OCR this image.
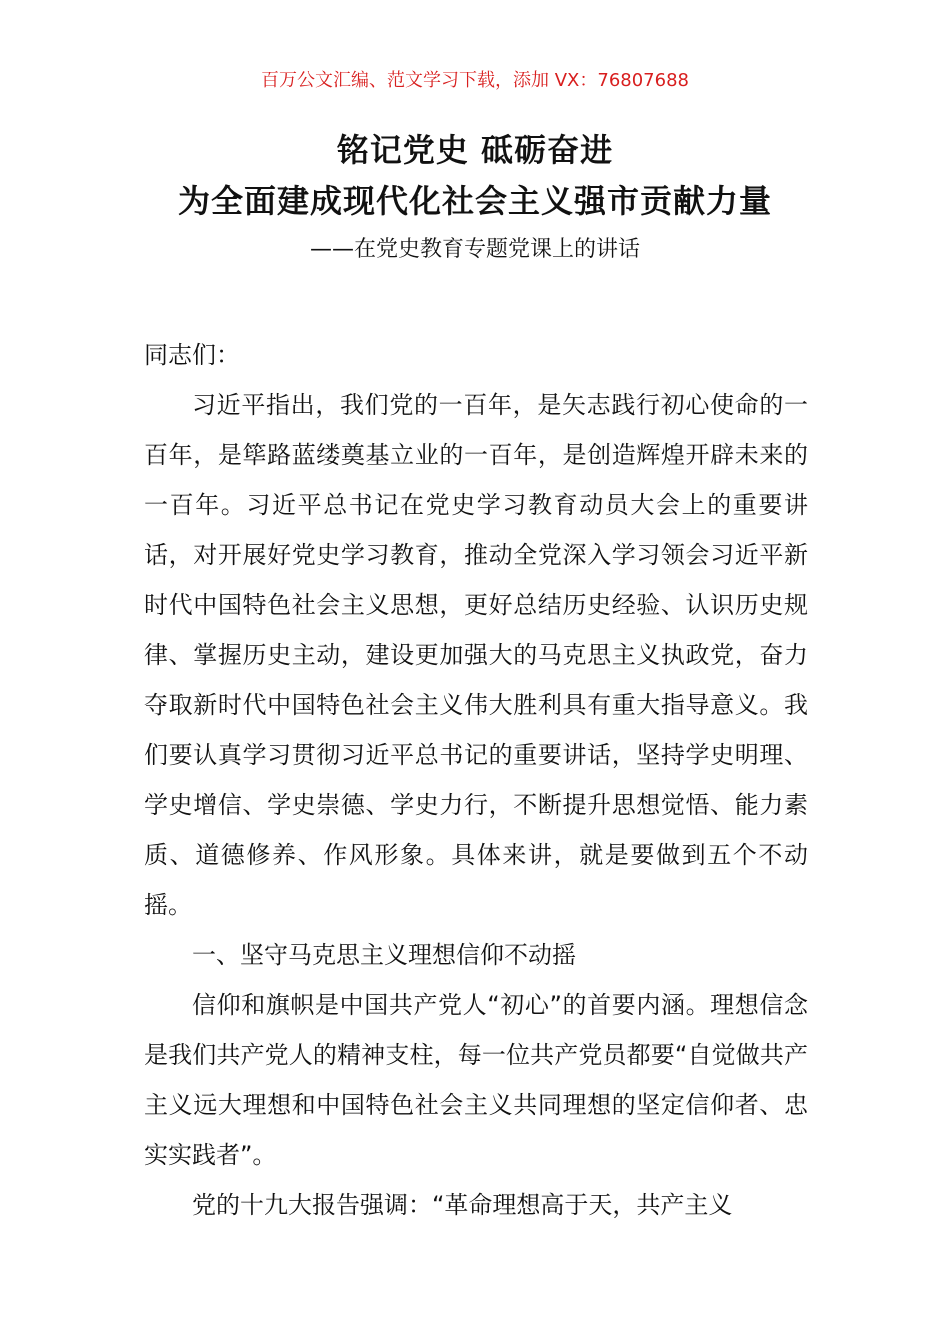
百万公文汇编、范文学习下载，添加 VX：76807688
铭记党史 砥砺奋进
为全面建成现代化社会主义强市贡献力量
——在党史教育专题党课上的讲话

同志们：

习近平指出，我们党的一百年，是矢志践行初心使命的一百年，是筚路蓝缕奠基立业的一百年，是创造辉煌开辟未来的一百年。习近平总书记在党史学习教育动员大会上的重要讲话，对开展好党史学习教育，推动全党深入学习领会习近平新时代中国特色社会主义思想，更好总结历史经验、认识历史规律、掌握历史主动，建设更加强大的马克思主义执政党，奋力夺取新时代中国特色社会主义伟大胜利具有重大指导意义。我们要认真学习贯彻习近平总书记的重要讲话，坚持学史明理、学史增信、学史崇德、学史力行，不断提升思想觉悟、能力素质、道德修养、作风形象。具体来讲，就是要做到五个不动摇。

一、坚守马克思主义理想信仰不动摇

信仰和旗帜是中国共产党人“初心”的首要内涵。理想信念是我们共产党人的精神支柱，每一位共产党员都要“自觉做共产主义远大理想和中国特色社会主义共同理想的坚定信仰者、忠实实践者”。

党的十九大报告强调：“革命理想高于天，共产主义
